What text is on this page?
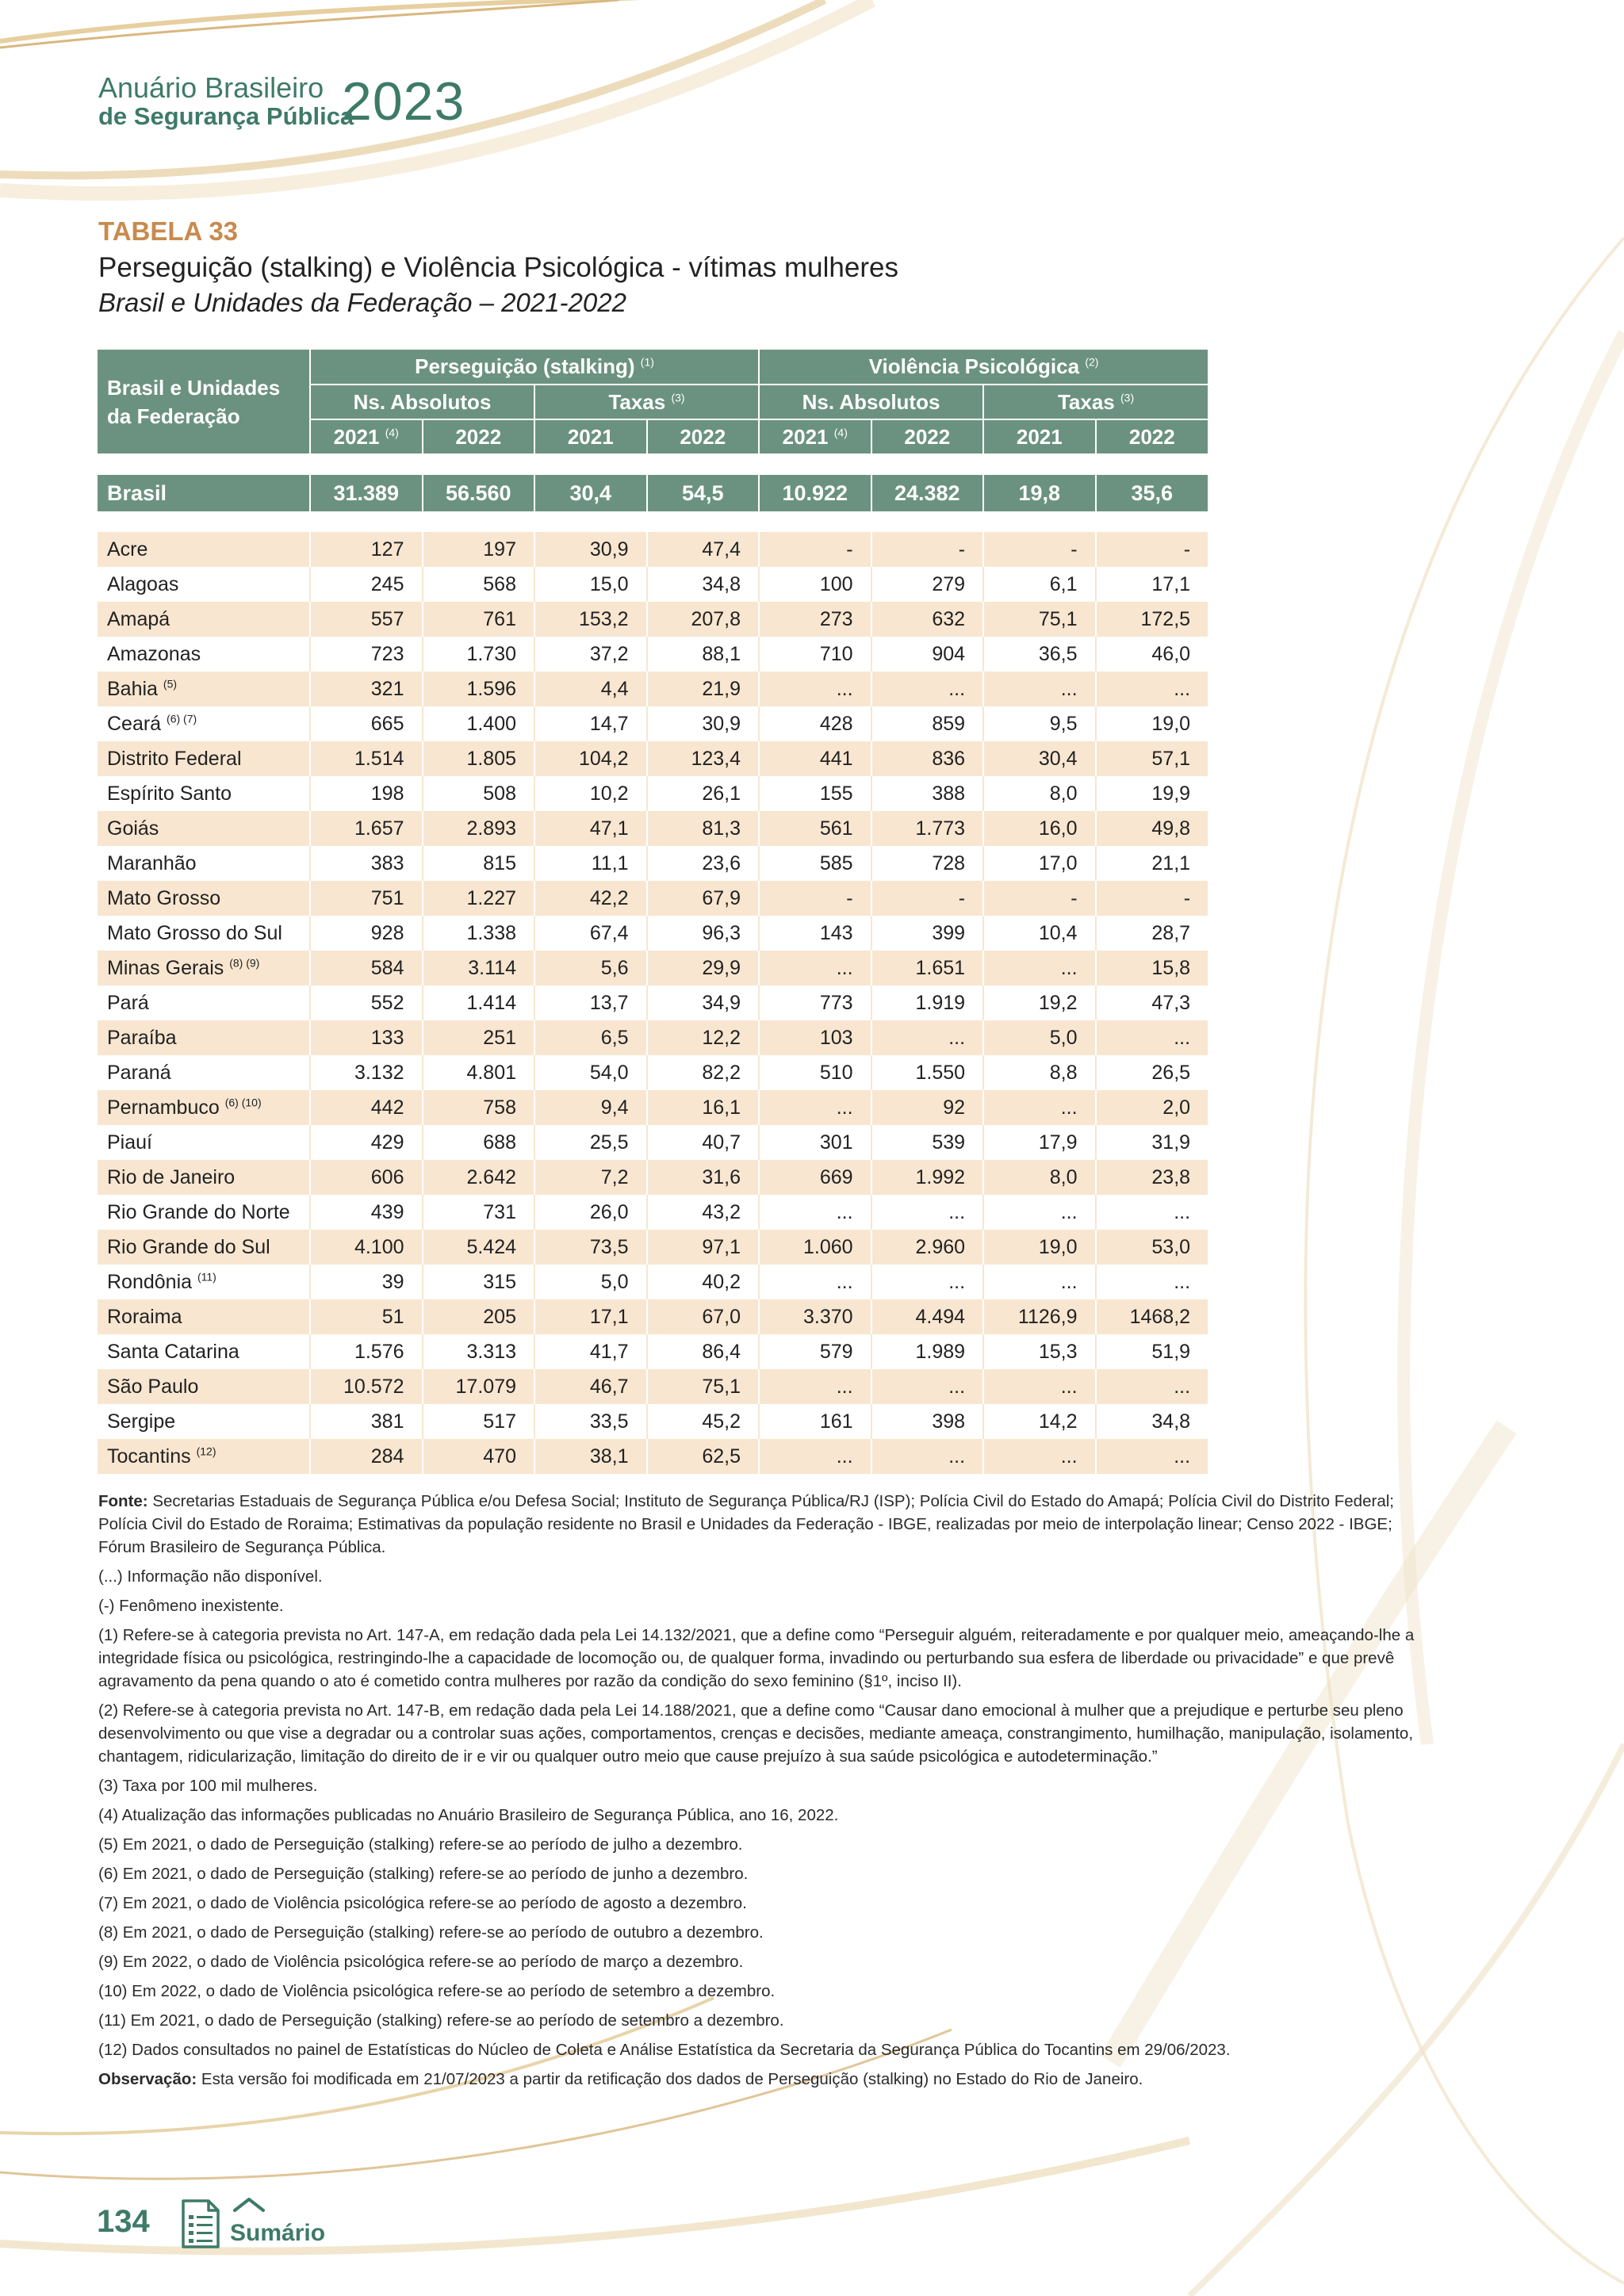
Anuário Brasileiro
de Segurança Pública
2023
TABELA 33
Perseguição (stalking) e Violência Psicológica - vítimas mulheres
Brasil e Unidades da Federação – 2021-2022
Brasil e Unidades da Federação	Perseguição (stalking) $^{(1)}$				Violência Psicológica $^{(2)}$
	Ns. Absolutos		Taxas $^{(3)}$		Ns. Absolutos		Taxas $^{(3)}$
	2021 $^{(4)}$	2022	2021	2022	2021 $^{(4)}$	2022	2021	2022

Brasil	31.389	56.560	30,4	54,5	10.922	24.382	19,8	35,6

Acre	127	197	30,9	47,4	-	-	-	-
Alagoas	245	568	15,0	34,8	100	279	6,1	17,1
Amapá	557	761	153,2	207,8	273	632	75,1	172,5
Amazonas	723	1.730	37,2	88,1	710	904	36,5	46,0
Bahia $^{(5)}$	321	1.596	4,4	21,9	...	...	...	...
Ceará $^{(6) (7)}$	665	1.400	14,7	30,9	428	859	9,5	19,0
Distrito Federal	1.514	1.805	104,2	123,4	441	836	30,4	57,1
Espírito Santo	198	508	10,2	26,1	155	388	8,0	19,9
Goiás	1.657	2.893	47,1	81,3	561	1.773	16,0	49,8
Maranhão	383	815	11,1	23,6	585	728	17,0	21,1
Mato Grosso	751	1.227	42,2	67,9	-	-	-	-
Mato Grosso do Sul	928	1.338	67,4	96,3	143	399	10,4	28,7
Minas Gerais $^{(8) (9)}$	584	3.114	5,6	29,9	...	1.651	...	15,8
Pará	552	1.414	13,7	34,9	773	1.919	19,2	47,3
Paraíba	133	251	6,5	12,2	103	...	5,0	...
Paraná	3.132	4.801	54,0	82,2	510	1.550	8,8	26,5
Pernambuco $^{(6) (10)}$	442	758	9,4	16,1	...	92	...	2,0
Piauí	429	688	25,5	40,7	301	539	17,9	31,9
Rio de Janeiro	606	2.642	7,2	31,6	669	1.992	8,0	23,8
Rio Grande do Norte	439	731	26,0	43,2	...	...	...	...
Rio Grande do Sul	4.100	5.424	73,5	97,1	1.060	2.960	19,0	53,0
Rondônia $^{(11)}$	39	315	5,0	40,2	...	...	...	...
Roraima	51	205	17,1	67,0	3.370	4.494	1126,9	1468,2
Santa Catarina	1.576	3.313	41,7	86,4	579	1.989	15,3	51,9
São Paulo	10.572	17.079	46,7	75,1	...	...	...	...
Sergipe	381	517	33,5	45,2	161	398	14,2	34,8
Tocantins $^{(12)}$	284	470	38,1	62,5	...	...	...	...

Fonte: Secretarias Estaduais de Segurança Pública e/ou Defesa Social; Instituto de Segurança Pública/RJ (ISP); Polícia Civil do Estado do Amapá; Polícia Civil do Distrito Federal; Polícia Civil do Estado de Roraima; Estimativas da população residente no Brasil e Unidades da Federação - IBGE, realizadas por meio de interpolação linear; Censo 2022 - IBGE; Fórum Brasileiro de Segurança Pública.

(...) Informação não disponível.

(-) Fenômeno inexistente.

(1) Refere-se à categoria prevista no Art. 147-A, em redação dada pela Lei 14.132/2021, que a define como “Perseguir alguém, reiteradamente e por qualquer meio, ameaçando-lhe a integridade física ou psicológica, restringindo-lhe a capacidade de locomoção ou, de qualquer forma, invadindo ou perturbando sua esfera de liberdade ou privacidade” e que prevê agravamento da pena quando o ato é cometido contra mulheres por razão da condição do sexo feminino (§1º, inciso II).

(2) Refere-se à categoria prevista no Art. 147-B, em redação dada pela Lei 14.188/2021, que a define como “Causar dano emocional à mulher que a prejudique e perturbe seu pleno desenvolvimento ou que vise a degradar ou a controlar suas ações, comportamentos, crenças e decisões, mediante ameaça, constrangimento, humilhação, manipulação, isolamento, chantagem, ridicularização, limitação do direito de ir e vir ou qualquer outro meio que cause prejuízo à sua saúde psicológica e autodeterminação.”

(3) Taxa por 100 mil mulheres.

(4) Atualização das informações publicadas no Anuário Brasileiro de Segurança Pública, ano 16, 2022.

(5) Em 2021, o dado de Perseguição (stalking) refere-se ao período de julho a dezembro.

(6) Em 2021, o dado de Perseguição (stalking) refere-se ao período de junho a dezembro.

(7) Em 2021, o dado de Violência psicológica refere-se ao período de agosto a dezembro.

(8) Em 2021, o dado de Perseguição (stalking) refere-se ao período de outubro a dezembro.

(9) Em 2022, o dado de Violência psicológica refere-se ao período de março a dezembro.

(10) Em 2022, o dado de Violência psicológica refere-se ao período de setembro a dezembro.

(11) Em 2021, o dado de Perseguição (stalking) refere-se ao período de setembro a dezembro.

(12) Dados consultados no painel de Estatísticas do Núcleo de Coleta e Análise Estatística da Secretaria da Segurança Pública do Tocantins em 29/06/2023.

Observação: Esta versão foi modificada em 21/07/2023 a partir da retificação dos dados de Perseguição (stalking) no Estado do Rio de Janeiro.

134	Sumário
